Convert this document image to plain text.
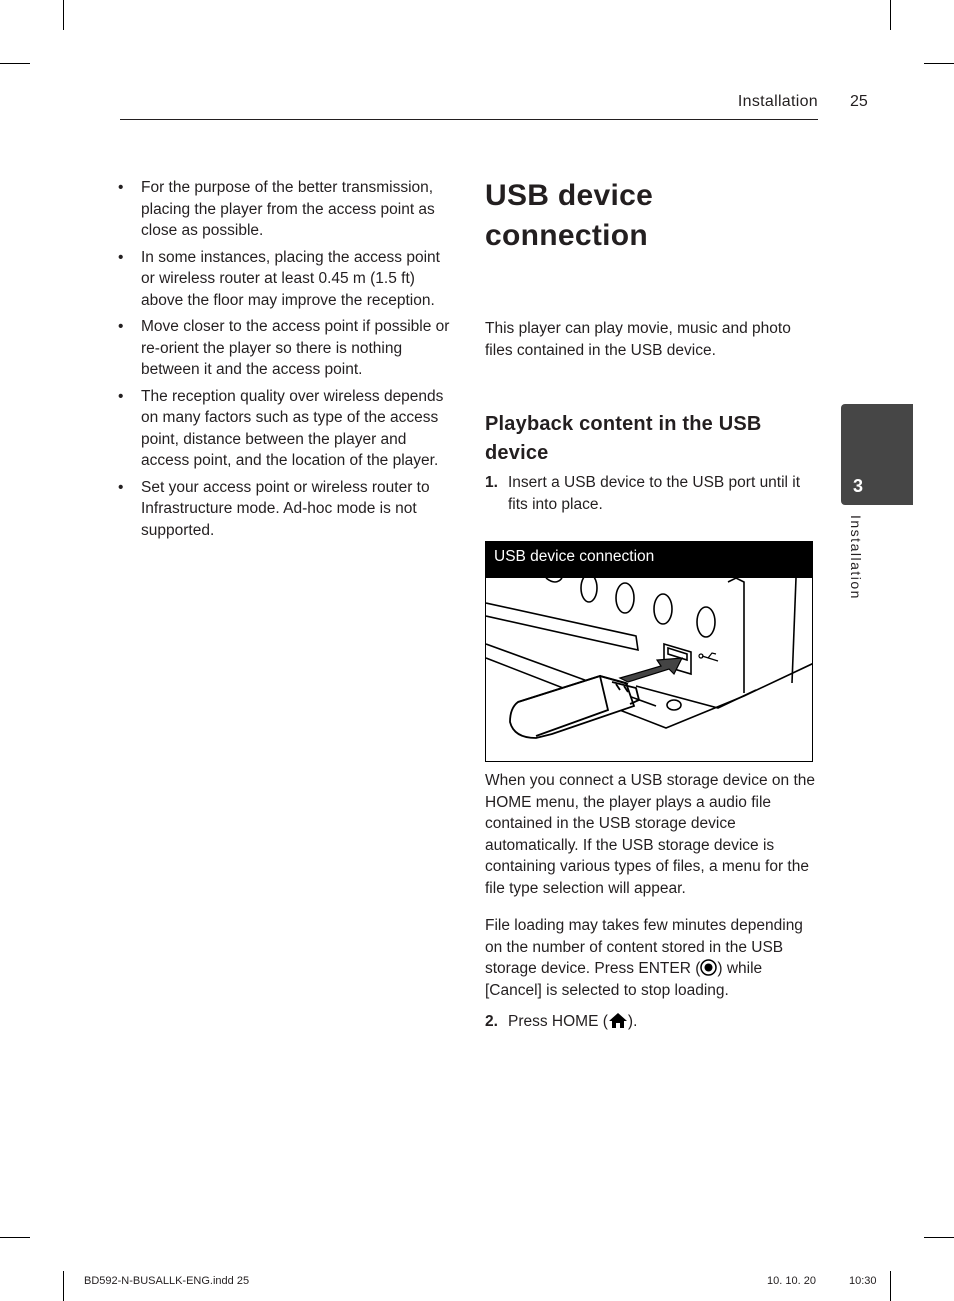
Installation 25
• For the purpose of the better transmission, placing the player from the access point as close as possible.
• In some instances, placing the access point or wireless router at least 0.45 m (1.5 ft) above the floor may improve the reception.
• Move closer to the access point if possible or re-orient the player so there is nothing between it and the access point.
• The reception quality over wireless depends on many factors such as type of the access point, distance between the player and access point, and the location of the player.
• Set your access point or wireless router to Infrastructure mode. Ad-hoc mode is not supported.
USB device connection
This player can play movie, music and photo files contained in the USB device.
Playback content in the USB device
1. Insert a USB device to the USB port until it fits into place.
USB device connection
When you connect a USB storage device on the HOME menu, the player plays a audio file contained in the USB storage device automatically. If the USB storage device is containing various types of files, a menu for the file type selection will appear.
File loading may takes few minutes depending on the number of content stored in the USB storage device. Press ENTER ( ) while [Cancel] is selected to stop loading.
2. Press HOME ( ).
3
Installation
BD592-N-BUSALLK-ENG.indd 25	10. 10. 20	10:30
